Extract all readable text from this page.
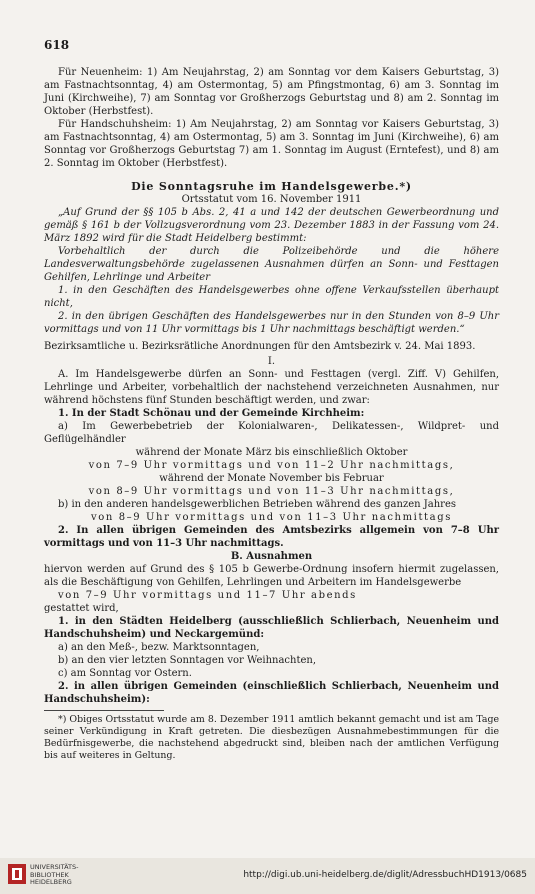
618

Für Neuenheim: 1) Am Neujahrstag, 2) am Sonntag vor dem Kaisers Geburtstag, 3) am Fastnachtsonntag, 4) am Ostermontag, 5) am Pfingstmontag, 6) am 3. Sonntag im Juni (Kirchweihe), 7) am Sonntag vor Großherzogs Geburtstag und 8) am 2. Sonntag im Oktober (Herbstfest).

Für Handschuhsheim: 1) Am Neujahrstag, 2) am Sonntag vor Kaisers Geburtstag, 3) am Fastnachtsonntag, 4) am Ostermontag, 5) am 3. Sonntag im Juni (Kirchweihe), 6) am Sonntag vor Großherzogs Geburtstag 7) am 1. Sonntag im August (Erntefest), und 8) am 2. Sonntag im Oktober (Herbstfest).

Die Sonntagsruhe im Handelsgewerbe.*)
Ortsstatut vom 16. November 1911

„Auf Grund der §§ 105 b Abs. 2, 41 a und 142 der deutschen Gewerbeordnung und gemäß § 161 b der Vollzugsverordnung vom 23. Dezember 1883 in der Fassung vom 24. März 1892 wird für die Stadt Heidelberg bestimmt:

Vorbehaltlich der durch die Polizeibehörde und die höhere Landesverwaltungsbehörde zugelassenen Ausnahmen dürfen an Sonn- und Festtagen Gehilfen, Lehrlinge und Arbeiter

1. in den Geschäften des Handelsgewerbes ohne offene Verkaufsstellen überhaupt nicht,

2. in den übrigen Geschäften des Handelsgewerbes nur in den Stunden von 8–9 Uhr vormittags und von 11 Uhr vormittags bis 1 Uhr nachmittags beschäftigt werden.“

Bezirksamtliche u. Bezirksrätliche Anordnungen für den Amtsbezirk v. 24. Mai 1893.

I.

A. Im Handelsgewerbe dürfen an Sonn- und Festtagen (vergl. Ziff. V) Gehilfen, Lehrlinge und Arbeiter, vorbehaltlich der nachstehend verzeichneten Ausnahmen, nur während höchstens fünf Stunden beschäftigt werden, und zwar:

1. In der Stadt Schönau und der Gemeinde Kirchheim:

a) Im Gewerbebetrieb der Kolonialwaren-, Delikatessen-, Wildpret- und Geflügelhändler

während der Monate März bis einschließlich Oktober

von 7–9 Uhr vormittags und von 11–2 Uhr nachmittags,

während der Monate November bis Februar

von 8–9 Uhr vormittags und von 11–3 Uhr nachmittags,

b) in den anderen handelsgewerblichen Betrieben während des ganzen Jahres

von 8–9 Uhr vormittags und von 11–3 Uhr nachmittags

2. In allen übrigen Gemeinden des Amtsbezirks allgemein von 7–8 Uhr vormittags und von 11–3 Uhr nachmittags.

B. Ausnahmen

hiervon werden auf Grund des § 105 b Gewerbe-Ordnung insofern hiermit zugelassen, als die Beschäftigung von Gehilfen, Lehrlingen und Arbeitern im Handelsgewerbe

von 7–9 Uhr vormittags und 11–7 Uhr abends

gestattet wird,

1. in den Städten Heidelberg (ausschließlich Schlierbach, Neuenheim und Handschuhsheim) und Neckargemünd:

a) an den Meß-, bezw. Marktsonntagen,

b) an den vier letzten Sonntagen vor Weihnachten,

c) am Sonntag vor Ostern.

2. in allen übrigen Gemeinden (einschließlich Schlierbach, Neuenheim und Handschuhsheim):

*) Obiges Ortsstatut wurde am 8. Dezember 1911 amtlich bekannt gemacht und ist am Tage seiner Verkündigung in Kraft getreten. Die diesbezügen Ausnahmebestimmungen für die Bedürfnisgewerbe, die nachstehend abgedruckt sind, bleiben nach der amtlichen Verfügung bis auf weiteres in Geltung.

UNIVERSITÄTS-
BIBLIOTHEK
HEIDELBERG
http://digi.ub.uni-heidelberg.de/diglit/AdressbuchHD1913/0685
